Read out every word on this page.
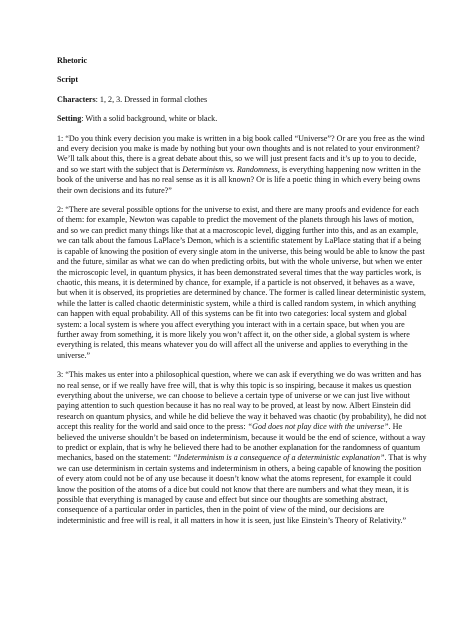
Rhetoric
Script
Characters: 1, 2, 3. Dressed in formal clothes
Setting: With a solid background, white or black.

1: “Do you think every decision you make is written in a big book called “Universe”? Or are you free as the wind and every decision you make is made by nothing but your own thoughts and is not related to your environment? We’ll talk about this, there is a great debate about this, so we will just present facts and it’s up to you to decide, and so we start with the subject that is Determinism vs. Randomness, is everything happening now written in the book of the universe and has no real sense as it is all known? Or is life a poetic thing in which every being owns their own decisions and its future?”

2: “There are several possible options for the universe to exist, and there are many proofs and evidence for each of them: for example, Newton was capable to predict the movement of the planets through his laws of motion, and so we can predict many things like that at a macroscopic level, digging further into this, and as an example, we can talk about the famous LaPlace’s Demon, which is a scientific statement by LaPlace stating that if a being is capable of knowing the position of every single atom in the universe, this being would be able to know the past and the future, similar as what we can do when predicting orbits, but with the whole universe, but when we enter the microscopic level, in quantum physics, it has been demonstrated several times that the way particles work, is chaotic, this means, it is determined by chance, for example, if a particle is not observed, it behaves as a wave, but when it is observed, its proprieties are determined by chance. The former is called linear deterministic system, while the latter is called chaotic deterministic system, while a third is called random system, in which anything can happen with equal probability. All of this systems can be fit into two categories: local system and global system: a local system is where you affect everything you interact with in a certain space, but when you are further away from something, it is more likely you won’t affect it, on the other side, a global system is where everything is related, this means whatever you do will affect all the universe and applies to everything in the universe.”

3: “This makes us enter into a philosophical question, where we can ask if everything we do was written and has no real sense, or if we really have free will, that is why this topic is so inspiring, because it makes us question everything about the universe, we can choose to believe a certain type of universe or we can just live without paying attention to such question because it has no real way to be proved, at least by now. Albert Einstein did research on quantum physics, and while he did believe the way it behaved was chaotic (by probability), he did not accept this reality for the world and said once to the press: “God does not play dice with the universe”. He believed the universe shouldn’t be based on indeterminism, because it would be the end of science, without a way to predict or explain, that is why he believed there had to be another explanation for the randomness of quantum mechanics, based on the statement: “Indeterminism is a consequence of a deterministic explanation”. That is why we can use determinism in certain systems and indeterminism in others, a being capable of knowing the position of every atom could not be of any use because it doesn’t know what the atoms represent, for example it could know the position of the atoms of a dice but could not know that there are numbers and what they mean, it is possible that everything is managed by cause and effect but since our thoughts are something abstract, consequence of a particular order in particles, then in the point of view of the mind, our decisions are indeterministic and free will is real, it all matters in how it is seen, just like Einstein’s Theory of Relativity.”
